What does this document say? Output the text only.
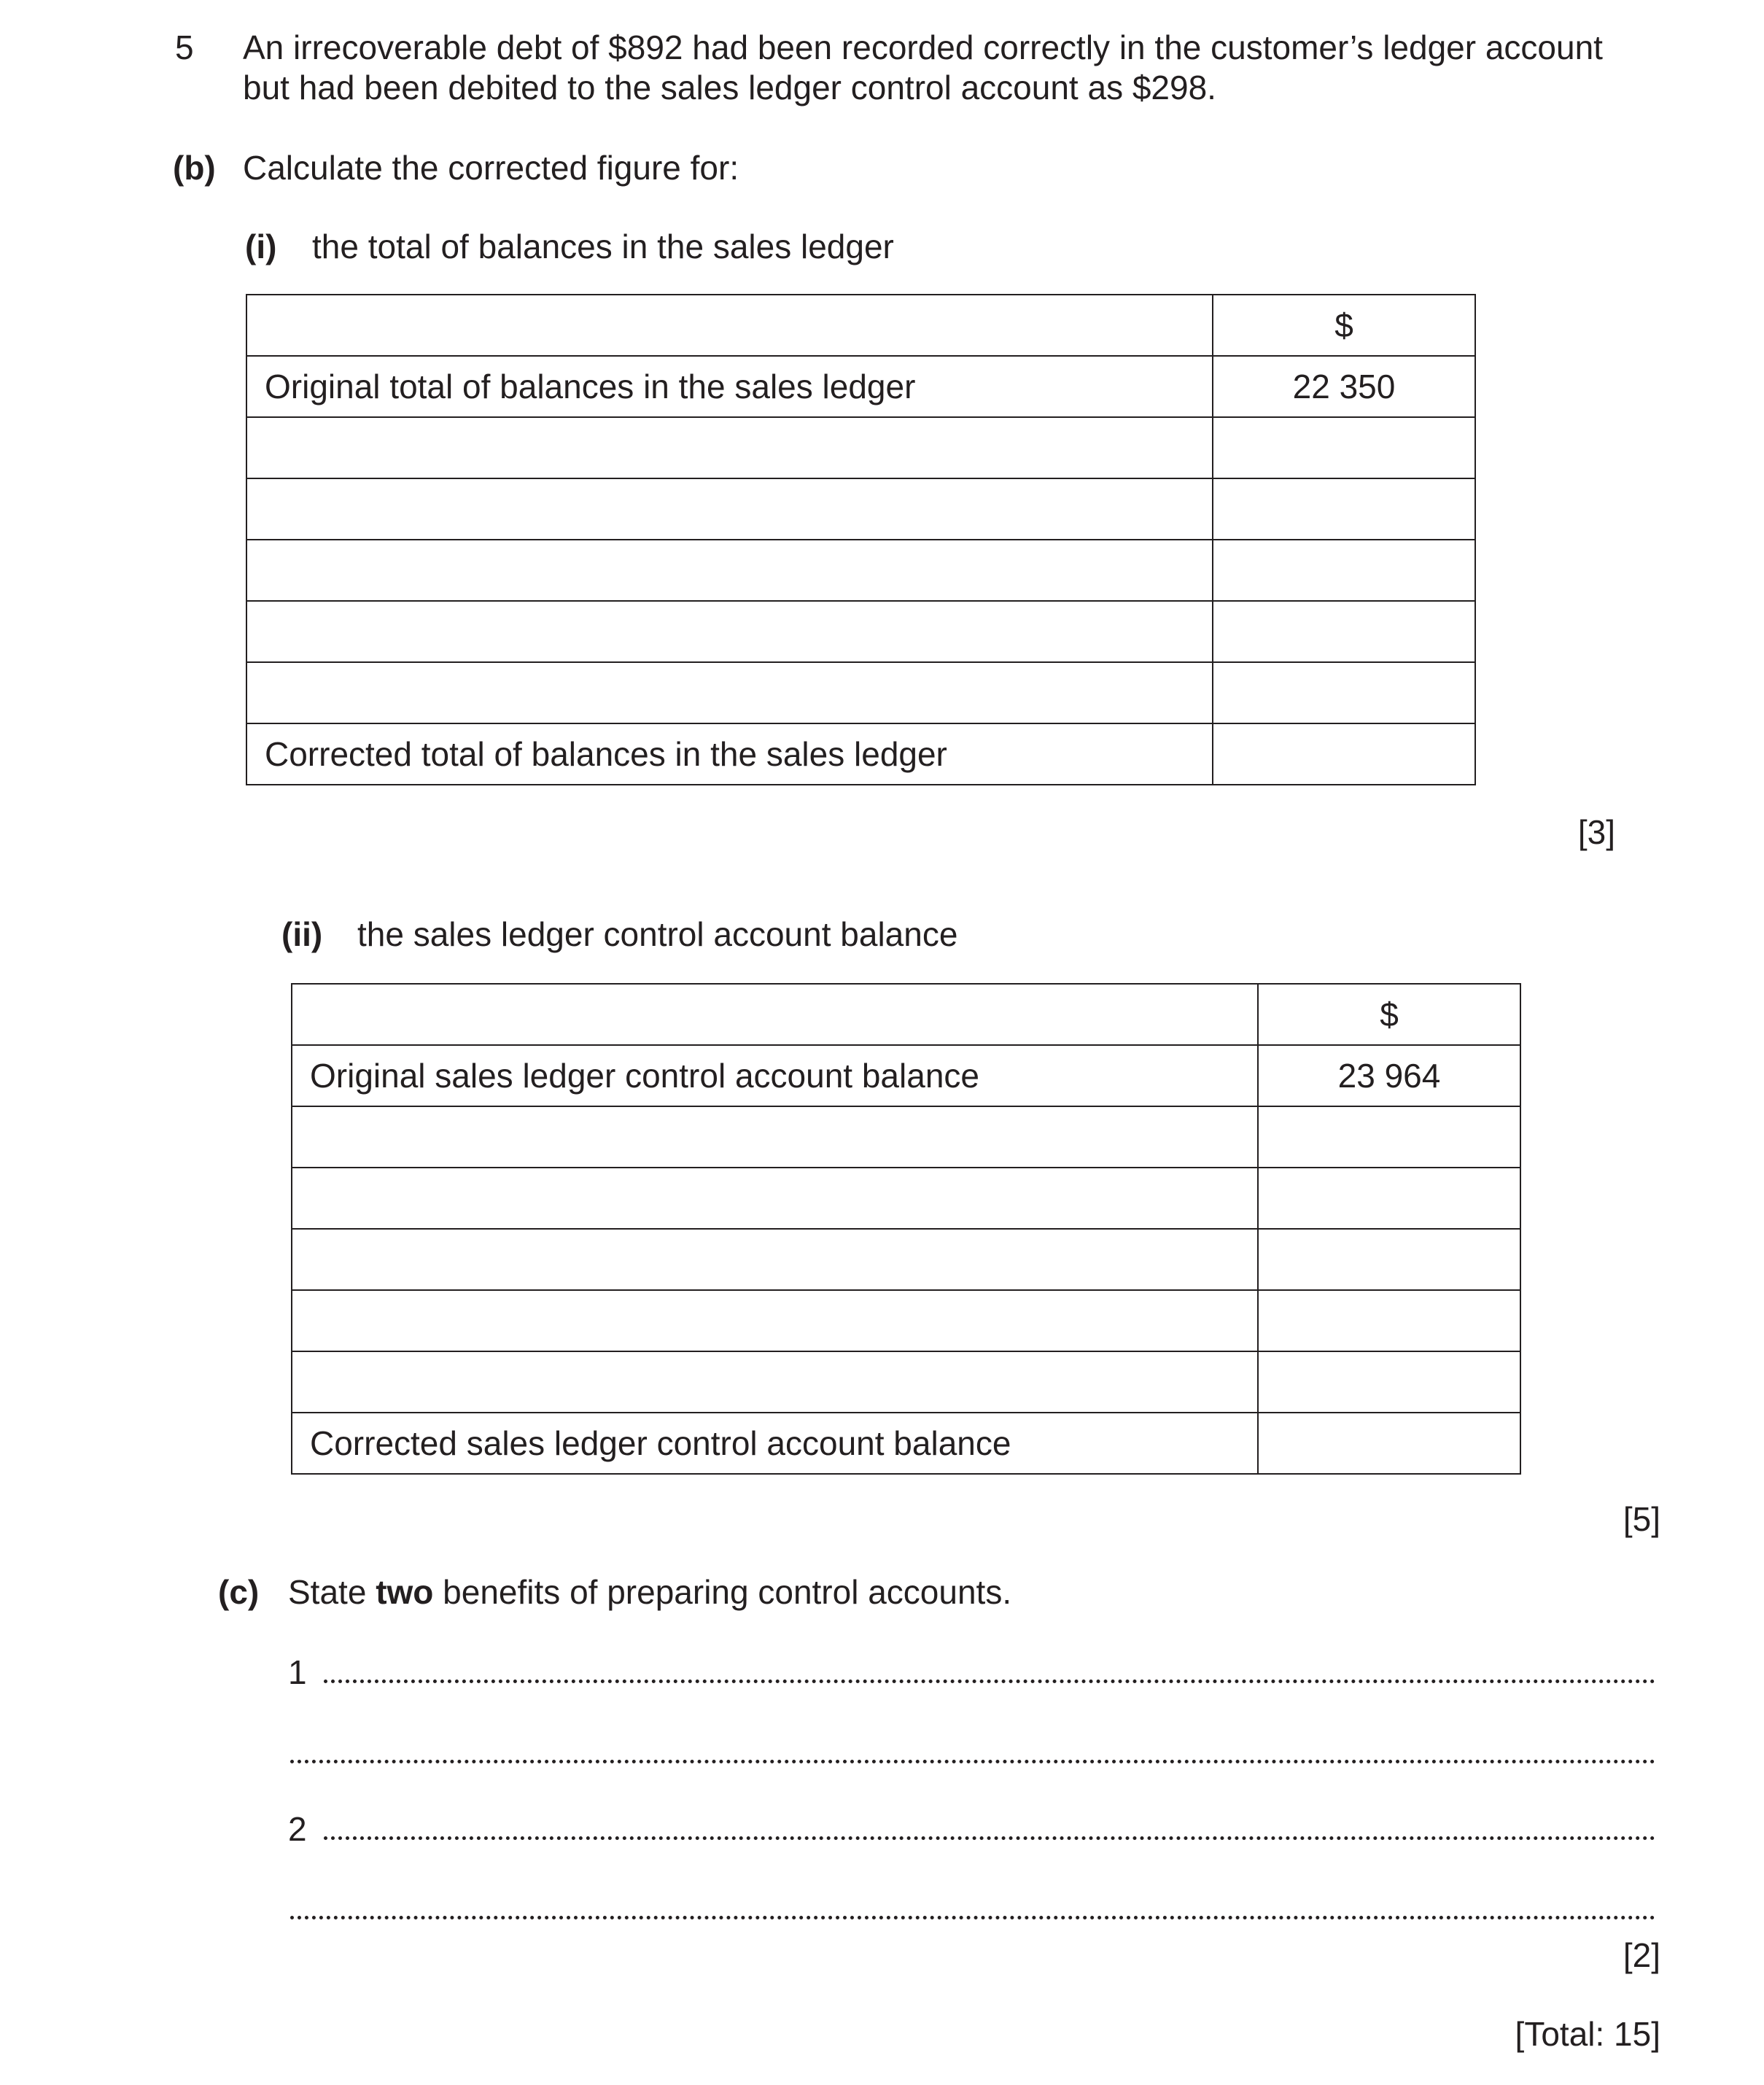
5 An irrecoverable debt of $892 had been recorded correctly in the customer’s ledger account
but had been debited to the sales ledger control account as $298.
(b) Calculate the corrected figure for:
(i) the total of balances in the sales ledger
	$
Original total of balances in the sales ledger	22 350

Corrected total of balances in the sales ledger	
[3]
(ii) the sales ledger control account balance
	$
Original sales ledger control account balance	23 964

Corrected sales ledger control account balance	
[5]
(c) State two benefits of preparing control accounts.
1
2
[2]
[Total: 15]
